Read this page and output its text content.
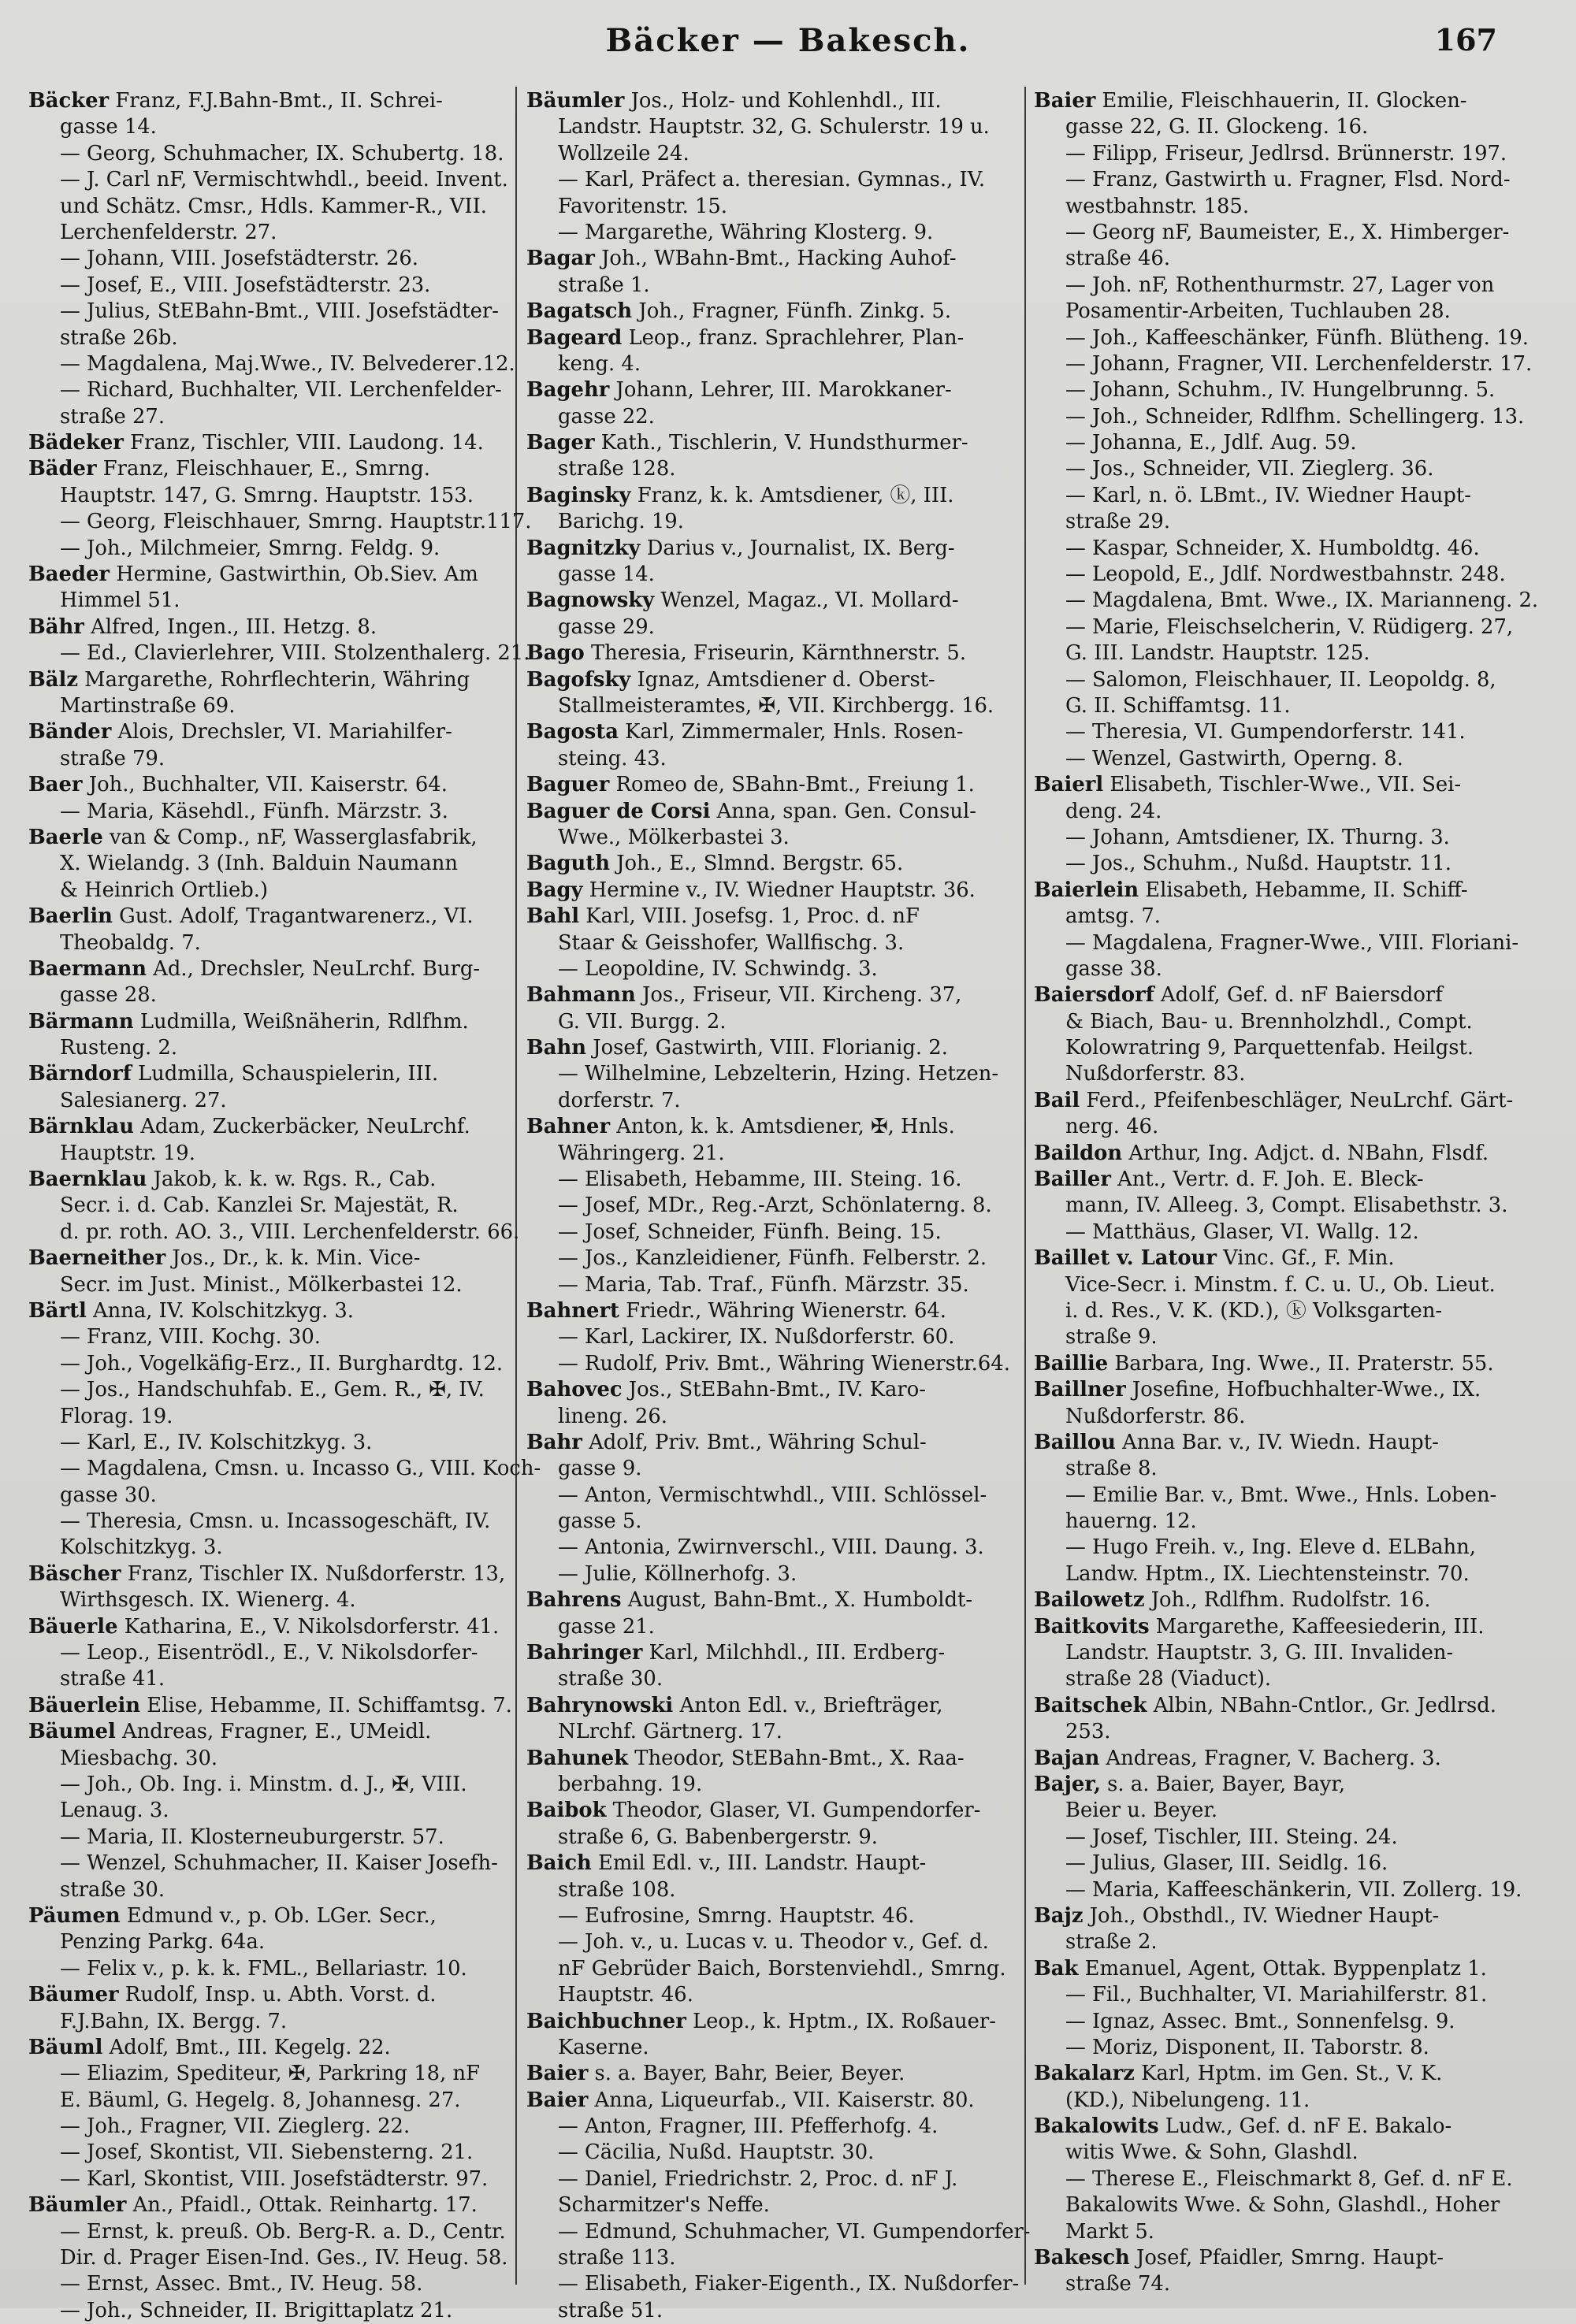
Bäcker — Bakesch.	167
Bäcker Franz, F.J.Bahn-Bmt., II. Schrei-
gasse 14.
— Georg, Schuhmacher, IX. Schubertg. 18.
— J. Carl nF, Vermischtwhdl., beeid. Invent.
und Schätz. Cmsr., Hdls. Kammer-R., VII.
Lerchenfelderstr. 27.
— Johann, VIII. Josefstädterstr. 26.
— Josef, E., VIII. Josefstädterstr. 23.
— Julius, StEBahn-Bmt., VIII. Josefstädter-
straße 26b.
— Magdalena, Maj.Wwe., IV. Belvederег.12.
— Richard, Buchhalter, VII. Lerchenfelder-
straße 27.
Bädeker Franz, Tischler, VIII. Laudong. 14.
Bäder Franz, Fleischhauer, E., Smrng.
Hauptstr. 147, G. Smrng. Hauptstr. 153.
— Georg, Fleischhauer, Smrng. Hauptstr.117.
— Joh., Milchmeier, Smrng. Feldg. 9.
Baeder Hermine, Gastwirthin, Ob.Siev. Am
Himmel 51.
Bähr Alfred, Ingen., III. Hetzg. 8.
— Ed., Clavierlehrer, VIII. Stolzenthalerg. 21.
Bälz Margarethe, Rohrflechterin, Währing
Martinstraße 69.
Bänder Alois, Drechsler, VI. Mariahilfer-
straße 79.
Baer Joh., Buchhalter, VII. Kaiserstr. 64.
— Maria, Käsehdl., Fünfh. Märzstr. 3.
Baerle van & Comp., nF, Wasserglasfabrik,
X. Wielandg. 3 (Inh. Balduin Naumann
& Heinrich Ortlieb.)
Baerlin Gust. Adolf, Tragantwarenerz., VI.
Theobaldg. 7.
Baermann Ad., Drechsler, NeuLrchf. Burg-
gasse 28.
Bärmann Ludmilla, Weißnäherin, Rdlfhm.
Rusteng. 2.
Bärndorf Ludmilla, Schauspielerin, III.
Salesianerg. 27.
Bärnklau Adam, Zuckerbäcker, NeuLrchf.
Hauptstr. 19.
Baernklau Jakob, k. k. w. Rgs. R., Cab.
Secr. i. d. Cab. Kanzlei Sr. Majestät, R.
d. pr. roth. AO. 3., VIII. Lerchenfelderstr. 66.
Baerneither Jos., Dr., k. k. Min. Vice-
Secr. im Just. Minist., Mölkerbastei 12.
Bärtl Anna, IV. Kolschitzkyg. 3.
— Franz, VIII. Kochg. 30.
— Joh., Vogelkäfig-Erz., II. Burghardtg. 12.
— Jos., Handschuhfab. E., Gem. R., ✠, IV.
Florag. 19.
— Karl, E., IV. Kolschitzkyg. 3.
— Magdalena, Cmsn. u. Incasso G., VIII. Koch-
gasse 30.
— Theresia, Cmsn. u. Incassogeschäft, IV.
Kolschitzkyg. 3.
Bäscher Franz, Tischler IX. Nußdorferstr. 13,
Wirthsgesch. IX. Wienerg. 4.
Bäuerle Katharina, E., V. Nikolsdorferstr. 41.
— Leop., Eisentrödl., E., V. Nikolsdorfer-
straße 41.
Bäuerlein Elise, Hebamme, II. Schiffamtsg. 7.
Bäumel Andreas, Fragner, E., UMeidl.
Miesbachg. 30.
— Joh., Ob. Ing. i. Minstm. d. J., ✠, VIII.
Lenaug. 3.
— Maria, II. Klosterneuburgerstr. 57.
— Wenzel, Schuhmacher, II. Kaiser Josefh-
straße 30.
Päumen Edmund v., p. Ob. LGer. Secr.,
Penzing Parkg. 64a.
— Felix v., p. k. k. FML., Bellariastr. 10.
Bäumer Rudolf, Insp. u. Abth. Vorst. d.
F.J.Bahn, IX. Bergg. 7.
Bäuml Adolf, Bmt., III. Kegelg. 22.
— Eliazim, Spediteur, ✠, Parkring 18, nF
E. Bäuml, G. Hegelg. 8, Johannesg. 27.
— Joh., Fragner, VII. Zieglerg. 22.
— Josef, Skontist, VII. Siebensterng. 21.
— Karl, Skontist, VIII. Josefstädterstr. 97.
Bäumler An., Pfaidl., Ottak. Reinhartg. 17.
— Ernst, k. preuß. Ob. Berg-R. a. D., Centr.
Dir. d. Prager Eisen-Ind. Ges., IV. Heug. 58.
— Ernst, Assec. Bmt., IV. Heug. 58.
— Joh., Schneider, II. Brigittaplatz 21.
Bäumler Jos., Holz- und Kohlenhdl., III.
Landstr. Hauptstr. 32, G. Schulerstr. 19 u.
Wollzeile 24.
— Karl, Präfect a. theresian. Gymnas., IV.
Favoritenstr. 15.
— Margarethe, Währing Klosterg. 9.
Bagar Joh., WBahn-Bmt., Hacking Auhof-
straße 1.
Bagatsch Joh., Fragner, Fünfh. Zinkg. 5.
Bageard Leop., franz. Sprachlehrer, Plan-
keng. 4.
Bagehr Johann, Lehrer, III. Marokkaner-
gasse 22.
Bager Kath., Tischlerin, V. Hundsthurmer-
straße 128.
Baginsky Franz, k. k. Amtsdiener, ⓚ, III.
Barichg. 19.
Bagnitzky Darius v., Journalist, IX. Berg-
gasse 14.
Bagnowsky Wenzel, Magaz., VI. Mollard-
gasse 29.
Bago Theresia, Friseurin, Kärnthnerstr. 5.
Bagofsky Ignaz, Amtsdiener d. Oberst-
Stallmeisteramtes, ✠, VII. Kirchbergg. 16.
Bagosta Karl, Zimmermaler, Hnls. Rosen-
steing. 43.
Baguer Romeo de, SBahn-Bmt., Freiung 1.
Baguer de Corsi Anna, span. Gen. Consul-
Wwe., Mölkerbastei 3.
Baguth Joh., E., Slmnd. Bergstr. 65.
Bagy Hermine v., IV. Wiedner Hauptstr. 36.
Bahl Karl, VIII. Josefsg. 1, Proc. d. nF
Staar & Geisshofer, Wallfischg. 3.
— Leopoldine, IV. Schwindg. 3.
Bahmann Jos., Friseur, VII. Kircheng. 37,
G. VII. Burgg. 2.
Bahn Josef, Gastwirth, VIII. Florianig. 2.
— Wilhelmine, Lebzelterin, Hzing. Hetzen-
dorferstr. 7.
Bahner Anton, k. k. Amtsdiener, ✠, Hnls.
Währingerg. 21.
— Elisabeth, Hebamme, III. Steing. 16.
— Josef, MDr., Reg.-Arzt, Schönlaterng. 8.
— Josef, Schneider, Fünfh. Being. 15.
— Jos., Kanzleidiener, Fünfh. Felberstr. 2.
— Maria, Tab. Traf., Fünfh. Märzstr. 35.
Bahnert Friedr., Währing Wienerstr. 64.
— Karl, Lackirer, IX. Nußdorferstr. 60.
— Rudolf, Priv. Bmt., Währing Wienerstr.64.
Bahovec Jos., StEBahn-Bmt., IV. Karo-
lineng. 26.
Bahr Adolf, Priv. Bmt., Währing Schul-
gasse 9.
— Anton, Vermischtwhdl., VIII. Schlössel-
gasse 5.
— Antonia, Zwirnverschl., VIII. Daung. 3.
— Julie, Köllnerhofg. 3.
Bahrens August, Bahn-Bmt., X. Humboldt-
gasse 21.
Bahringer Karl, Milchhdl., III. Erdberg-
straße 30.
Bahrynowski Anton Edl. v., Briefträger,
NLrchf. Gärtnerg. 17.
Bahunek Theodor, StEBahn-Bmt., X. Raa-
berbahng. 19.
Baibok Theodor, Glaser, VI. Gumpendorfer-
straße 6, G. Babenbergerstr. 9.
Baich Emil Edl. v., III. Landstr. Haupt-
straße 108.
— Eufrosine, Smrng. Hauptstr. 46.
— Joh. v., u. Lucas v. u. Theodor v., Gef. d.
nF Gebrüder Baich, Borstenviehdl., Smrng.
Hauptstr. 46.
Baichbuchner Leop., k. Hptm., IX. Roßauer-
Kaserne.
Baier s. a. Bayer, Bahr, Beier, Beyer.
Baier Anna, Liqueurfab., VII. Kaiserstr. 80.
— Anton, Fragner, III. Pfefferhofg. 4.
— Cäcilia, Nußd. Hauptstr. 30.
— Daniel, Friedrichstr. 2, Proc. d. nF J.
Scharmitzer's Neffe.
— Edmund, Schuhmacher, VI. Gumpendorfer-
straße 113.
— Elisabeth, Fiaker-Eigenth., IX. Nußdorfer-
straße 51.
Baier Emilie, Fleischhauerin, II. Glocken-
gasse 22, G. II. Glockeng. 16.
— Filipp, Friseur, Jedlrsd. Brünnerstr. 197.
— Franz, Gastwirth u. Fragner, Flsd. Nord-
westbahnstr. 185.
— Georg nF, Baumeister, E., X. Himberger-
straße 46.
— Joh. nF, Rothenthurmstr. 27, Lager von
Posamentir-Arbeiten, Tuchlauben 28.
— Joh., Kaffeeschänker, Fünfh. Blütheng. 19.
— Johann, Fragner, VII. Lerchenfelderstr. 17.
— Johann, Schuhm., IV. Hungelbrunng. 5.
— Joh., Schneider, Rdlfhm. Schellingerg. 13.
— Johanna, E., Jdlf. Aug. 59.
— Jos., Schneider, VII. Zieglerg. 36.
— Karl, n. ö. LBmt., IV. Wiedner Haupt-
straße 29.
— Kaspar, Schneider, X. Humboldtg. 46.
— Leopold, E., Jdlf. Nordwestbahnstr. 248.
— Magdalena, Bmt. Wwe., IX. Marianneng. 2.
— Marie, Fleischselcherin, V. Rüdigerg. 27,
G. III. Landstr. Hauptstr. 125.
— Salomon, Fleischhauer, II. Leopoldg. 8,
G. II. Schiffamtsg. 11.
— Theresia, VI. Gumpendorferstr. 141.
— Wenzel, Gastwirth, Operng. 8.
Baierl Elisabeth, Tischler-Wwe., VII. Sei-
deng. 24.
— Johann, Amtsdiener, IX. Thurng. 3.
— Jos., Schuhm., Nußd. Hauptstr. 11.
Baierlein Elisabeth, Hebamme, II. Schiff-
amtsg. 7.
— Magdalena, Fragner-Wwe., VIII. Floriani-
gasse 38.
Baiersdorf Adolf, Gef. d. nF Baiersdorf
& Biach, Bau- u. Brennholzhdl., Compt.
Kolowratring 9, Parquettenfab. Heilgst.
Nußdorferstr. 83.
Bail Ferd., Pfeifenbeschläger, NeuLrchf. Gärt-
nerg. 46.
Baildon Arthur, Ing. Adjct. d. NBahn, Flsdf.
Bailler Ant., Vertr. d. F. Joh. E. Bleck-
mann, IV. Alleeg. 3, Compt. Elisabethstr. 3.
— Matthäus, Glaser, VI. Wallg. 12.
Baillet v. Latour Vinc. Gf., F. Min.
Vice-Secr. i. Minstm. f. C. u. U., Ob. Lieut.
i. d. Res., V. K. (KD.), ⓚ Volksgarten-
straße 9.
Baillie Barbara, Ing. Wwe., II. Praterstr. 55.
Baillner Josefine, Hofbuchhalter-Wwe., IX.
Nußdorferstr. 86.
Baillou Anna Bar. v., IV. Wiedn. Haupt-
straße 8.
— Emilie Bar. v., Bmt. Wwe., Hnls. Loben-
hauerng. 12.
— Hugo Freih. v., Ing. Eleve d. ELBahn,
Landw. Hptm., IX. Liechtensteinstr. 70.
Bailowetz Joh., Rdlfhm. Rudolfstr. 16.
Baitkovits Margarethe, Kaffeesiederin, III.
Landstr. Hauptstr. 3, G. III. Invaliden-
straße 28 (Viaduct).
Baitschek Albin, NBahn-Cntlor., Gr. Jedlrsd.
253.
Bajan Andreas, Fragner, V. Bacherg. 3.
Bajer, s. a. Baier, Bayer, Bayr,
Beier u. Beyer.
— Josef, Tischler, III. Steing. 24.
— Julius, Glaser, III. Seidlg. 16.
— Maria, Kaffeeschänkerin, VII. Zollerg. 19.
Bajz Joh., Obsthdl., IV. Wiedner Haupt-
straße 2.
Bak Emanuel, Agent, Ottak. Byppenplatz 1.
— Fil., Buchhalter, VI. Mariahilferstr. 81.
— Ignaz, Assec. Bmt., Sonnenfelsg. 9.
— Moriz, Disponent, II. Taborstr. 8.
Bakalarz Karl, Hptm. im Gen. St., V. K.
(KD.), Nibelungeng. 11.
Bakalowits Ludw., Gef. d. nF E. Bakalo-
witis Wwe. & Sohn, Glashdl.
— Therese E., Fleischmarkt 8, Gef. d. nF E.
Bakalowits Wwe. & Sohn, Glashdl., Hoher
Markt 5.
Bakesch Josef, Pfaidler, Smrng. Haupt-
straße 74.
